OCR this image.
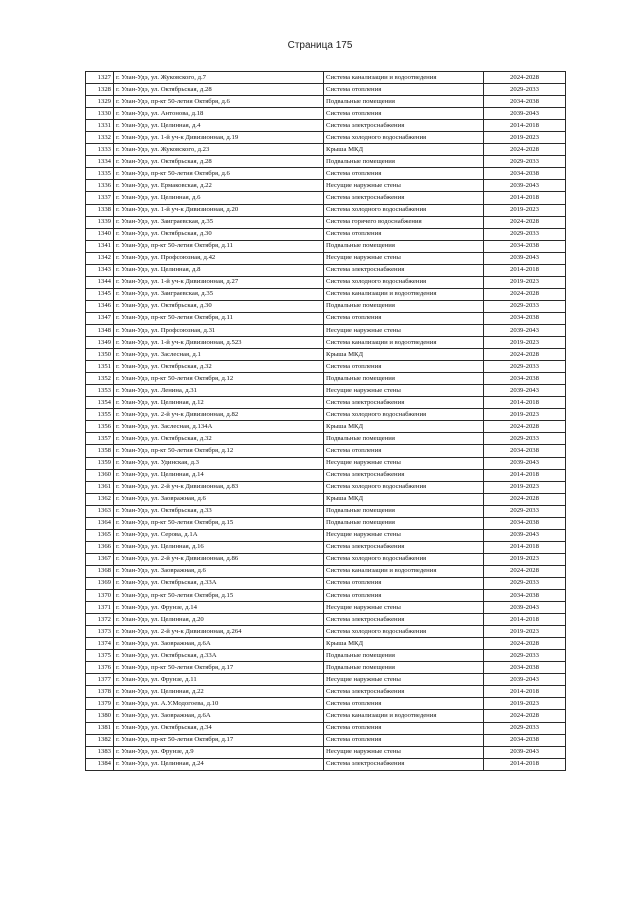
Страница 175
1327	г. Улан-Удэ, ул. Жуковского, д.7	Система канализации и водоотведения	2024-2028
1328	г. Улан-Удэ, ул. Октябрьская, д.28	Система отопления	2029-2033
1329	г. Улан-Удэ, пр-кт 50-летия Октября, д.6	Подвальные помещения	2034-2038
1330	г. Улан-Удэ, ул. Антонова, д.18	Система отопления	2039-2043
1331	г. Улан-Удэ, ул. Целинная, д.4	Система электроснабжения	2014-2018
1332	г. Улан-Удэ, ул. 1-й уч-к Дивизионная, д.19	Система холодного водоснабжения	2019-2023
1333	г. Улан-Удэ, ул. Жуковского, д.23	Крыша МКД	2024-2028
1334	г. Улан-Удэ, ул. Октябрьская, д.28	Подвальные помещения	2029-2033
1335	г. Улан-Удэ, пр-кт 50-летия Октября, д.6	Система отопления	2034-2038
1336	г. Улан-Удэ, ул. Ермаковская, д.22	Несущие наружные стены	2039-2043
1337	г. Улан-Удэ, ул. Целинная, д.6	Система электроснабжения	2014-2018
1338	г. Улан-Удэ, ул. 1-й уч-к Дивизионная, д.20	Система холодного водоснабжения	2019-2023
1339	г. Улан-Удэ, ул. Заиграевская, д.35	Система горячего водоснабжения	2024-2028
1340	г. Улан-Удэ, ул. Октябрьская, д.30	Система отопления	2029-2033
1341	г. Улан-Удэ, пр-кт 50-летия Октября, д.11	Подвальные помещения	2034-2038
1342	г. Улан-Удэ, ул. Профсоюзная, д.42	Несущие наружные стены	2039-2043
1343	г. Улан-Удэ, ул. Целинная, д.8	Система электроснабжения	2014-2018
1344	г. Улан-Удэ, ул. 1-й уч-к Дивизионная, д.27	Система холодного водоснабжения	2019-2023
1345	г. Улан-Удэ, ул. Заиграевская, д.35	Система канализации и водоотведения	2024-2028
1346	г. Улан-Удэ, ул. Октябрьская, д.30	Подвальные помещения	2029-2033
1347	г. Улан-Удэ, пр-кт 50-летия Октября, д.11	Система отопления	2034-2038
1348	г. Улан-Удэ, ул. Профсоюзная, д.31	Несущие наружные стены	2039-2043
1349	г. Улан-Удэ, ул. 1-й уч-к Дивизионная, д.523	Система канализации и водоотведения	2019-2023
1350	г. Улан-Удэ, ул. Заслесная, д.1	Крыша МКД	2024-2028
1351	г. Улан-Удэ, ул. Октябрьская, д.32	Система отопления	2029-2033
1352	г. Улан-Удэ, пр-кт 50-летия Октября, д.12	Подвальные помещения	2034-2038
1353	г. Улан-Удэ, ул. Ленина, д.31	Несущие наружные стены	2039-2043
1354	г. Улан-Удэ, ул. Целинная, д.12	Система электроснабжения	2014-2018
1355	г. Улан-Удэ, ул. 2-й уч-к Дивизионная, д.82	Система холодного водоснабжения	2019-2023
1356	г. Улан-Удэ, ул. Заслесная, д.134А	Крыша МКД	2024-2028
1357	г. Улан-Удэ, ул. Октябрьская, д.32	Подвальные помещения	2029-2033
1358	г. Улан-Удэ, пр-кт 50-летия Октября, д.12	Система отопления	2034-2038
1359	г. Улан-Удэ, ул. Удинская, д.3	Несущие наружные стены	2039-2043
1360	г. Улан-Удэ, ул. Целинная, д.14	Система электроснабжения	2014-2018
1361	г. Улан-Удэ, ул. 2-й уч-к Дивизионная, д.83	Система холодного водоснабжения	2019-2023
1362	г. Улан-Удэ, ул. Заовражная, д.6	Крыша МКД	2024-2028
1363	г. Улан-Удэ, ул. Октябрьская, д.33	Подвальные помещения	2029-2033
1364	г. Улан-Удэ, пр-кт 50-летия Октября, д.15	Подвальные помещения	2034-2038
1365	г. Улан-Удэ, ул. Серова, д.1А	Несущие наружные стены	2039-2043
1366	г. Улан-Удэ, ул. Целинная, д.16	Система электроснабжения	2014-2018
1367	г. Улан-Удэ, ул. 2-й уч-к Дивизионная, д.86	Система холодного водоснабжения	2019-2023
1368	г. Улан-Удэ, ул. Заовражная, д.6	Система канализации и водоотведения	2024-2028
1369	г. Улан-Удэ, ул. Октябрьская, д.33А	Система отопления	2029-2033
1370	г. Улан-Удэ, пр-кт 50-летия Октября, д.15	Система отопления	2034-2038
1371	г. Улан-Удэ, ул. Фрунзе, д.14	Несущие наружные стены	2039-2043
1372	г. Улан-Удэ, ул. Целинная, д.20	Система электроснабжения	2014-2018
1373	г. Улан-Удэ, ул. 2-й уч-к Дивизионная, д.264	Система холодного водоснабжения	2019-2023
1374	г. Улан-Удэ, ул. Заовражная, д.6А	Крыша МКД	2024-2028
1375	г. Улан-Удэ, ул. Октябрьская, д.33А	Подвальные помещения	2029-2033
1376	г. Улан-Удэ, пр-кт 50-летия Октября, д.17	Подвальные помещения	2034-2038
1377	г. Улан-Удэ, ул. Фрунзе, д.11	Несущие наружные стены	2039-2043
1378	г. Улан-Удэ, ул. Целинная, д.22	Система электроснабжения	2014-2018
1379	г. Улан-Удэ, ул. А.У.Модогоева, д.10	Система отопления	2019-2023
1380	г. Улан-Удэ, ул. Заовражная, д.6А	Система канализации и водоотведения	2024-2028
1381	г. Улан-Удэ, ул. Октябрьская, д.34	Система отопления	2029-2033
1382	г. Улан-Удэ, пр-кт 50-летия Октября, д.17	Система отопления	2034-2038
1383	г. Улан-Удэ, ул. Фрунзе, д.9	Несущие наружные стены	2039-2043
1384	г. Улан-Удэ, ул. Целинная, д.24	Система электроснабжения	2014-2018
